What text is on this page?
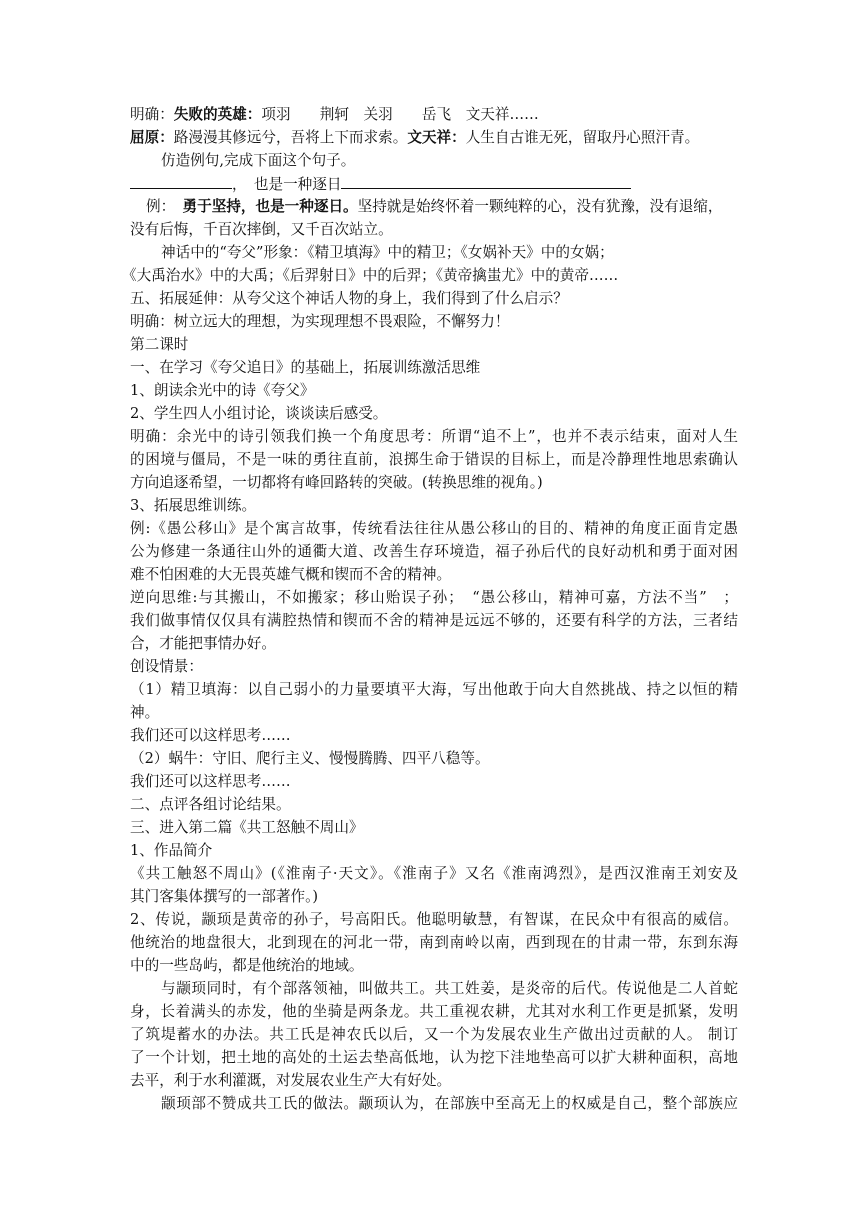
明确：失败的英雄：项羽　　荆轲　关羽　　岳飞　文天祥……
屈原：路漫漫其修远兮，吾将上下而求索。文天祥：人生自古谁无死，留取丹心照汗青。
仿造例句,完成下面这个句子。
，　也是一种逐日
例：　 勇于坚持，也是一种逐日。坚持就是始终怀着一颗纯粹的心，没有犹豫，没有退缩，
没有后悔，千百次摔倒，又千百次站立。
神话中的“夸父”形象：《精卫填海》中的精卫；《女娲补天》中的女娲；
《大禹治水》中的大禹；《后羿射日》中的后羿；《黄帝擒蚩尤》中的黄帝……
五、拓展延伸：从夸父这个神话人物的身上，我们得到了什么启示？
明确：树立远大的理想，为实现理想不畏艰险，不懈努力！
第二课时
一、在学习《夸父追日》的基础上，拓展训练激活思维
1、朗读余光中的诗《夸父》
2、学生四人小组讨论，谈谈读后感受。
明确：余光中的诗引领我们换一个角度思考：所谓“追不上”，也并不表示结束，面对人生
的困境与僵局，不是一味的勇往直前，浪掷生命于错误的目标上，而是冷静理性地思索确认
方向追逐希望，一切都将有峰回路转的突破。(转换思维的视角。)
3、拓展思维训练。
例:《愚公移山》是个寓言故事，传统看法往往从愚公移山的目的、精神的角度正面肯定愚
公为修建一条通往山外的通衢大道、改善生存环境造，福子孙后代的良好动机和勇于面对困
难不怕困难的大无畏英雄气概和锲而不舍的精神。
逆向思维:与其搬山，不如搬家；移山贻误子孙；　“愚公移山，精神可嘉，方法不当”　；
我们做事情仅仅具有满腔热情和锲而不舍的精神是远远不够的，还要有科学的方法，三者结
合，才能把事情办好。
创设情景：
（1）精卫填海：以自己弱小的力量要填平大海，写出他敢于向大自然挑战、持之以恒的精
神。
我们还可以这样思考……
（2）蜗牛：守旧、爬行主义、慢慢腾腾、四平八稳等。
我们还可以这样思考……
二、点评各组讨论结果。
三、进入第二篇《共工怒触不周山》
1、作品简介
《共工触怒不周山》(《淮南子·天文》。《淮南子》又名《淮南鸿烈》，是西汉淮南王刘安及
其门客集体撰写的一部著作。)
2、传说，颛顼是黄帝的孙子，号高阳氏。他聪明敏慧，有智谋，在民众中有很高的威信。
他统治的地盘很大，北到现在的河北一带，南到南岭以南，西到现在的甘肃一带，东到东海
中的一些岛屿，都是他统治的地域。
与颛顼同时，有个部落领袖，叫做共工。共工姓姜，是炎帝的后代。传说他是二人首蛇
身，长着满头的赤发，他的坐骑是两条龙。共工重视农耕，尤其对水利工作更是抓紧，发明
了筑堤蓄水的办法。共工氏是神农氏以后，又一个为发展农业生产做出过贡献的人。 制订
了一个计划，把土地的高处的土运去垫高低地，认为挖下洼地垫高可以扩大耕种面积，高地
去平，利于水利灌溉，对发展农业生产大有好处。
颛顼部不赞成共工氏的做法。颛顼认为，在部族中至高无上的权威是自己，整个部族应
